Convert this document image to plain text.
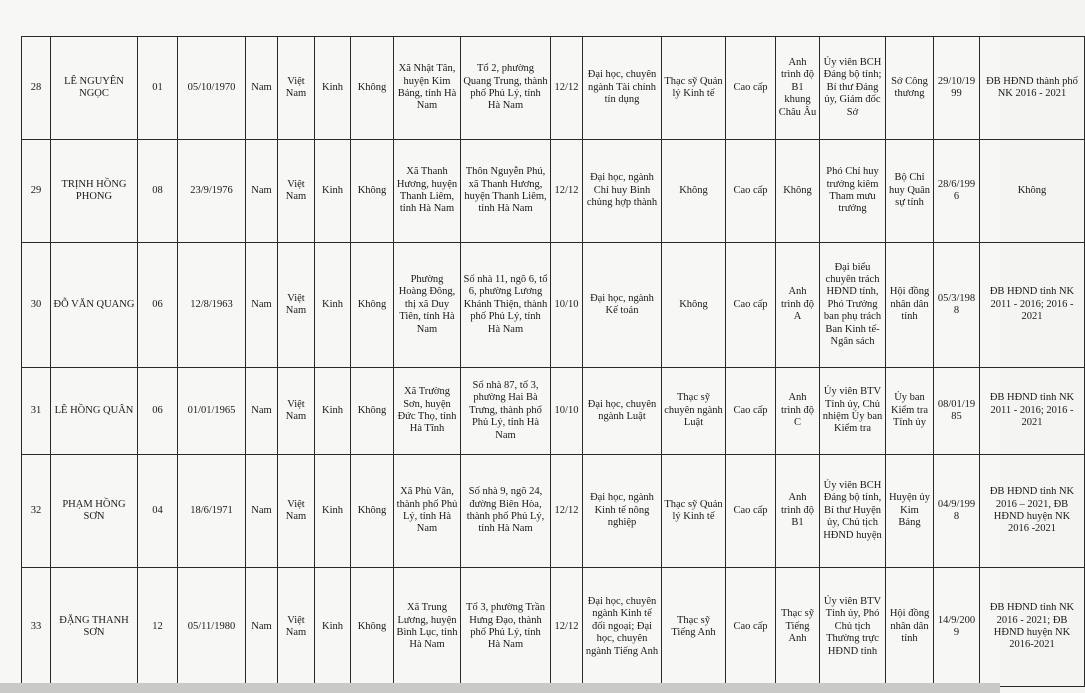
28	LÊ NGUYÊN NGỌC	01	05/10/1970	Nam	Việt Nam	Kinh	Không	Xã Nhật Tân, huyện Kim Bảng, tỉnh Hà Nam	Tổ 2, phường Quang Trung, thành phố Phủ Lý, tỉnh Hà Nam	12/12	Đại học, chuyên ngành Tài chính tín dụng	Thạc sỹ Quản lý Kinh tế	Cao cấp	Anh trình độ B1 khung Châu Âu	Ủy viên BCH Đảng bộ tỉnh; Bí thư Đảng ủy, Giám đốc Sở	Sở Công thương	29/10/1999	ĐB HĐND thành phố NK 2016 - 2021
29	TRỊNH HỒNG PHONG	08	23/9/1976	Nam	Việt Nam	Kinh	Không	Xã Thanh Hương, huyện Thanh Liêm, tỉnh Hà Nam	Thôn Nguyễn Phú, xã Thanh Hương, huyện Thanh Liêm, tỉnh Hà Nam	12/12	Đại học, ngành Chỉ huy Binh chủng hợp thành	Không	Cao cấp	Không	Phó Chỉ huy trưởng kiêm Tham mưu trưởng	Bộ Chỉ huy Quân sự tỉnh	28/6/1996	Không
30	ĐỖ VĂN QUANG	06	12/8/1963	Nam	Việt Nam	Kinh	Không	Phường Hoàng Đông, thị xã Duy Tiên, tỉnh Hà Nam	Số nhà 11, ngõ 6, tổ 6, phường Lương Khánh Thiện, thành phố Phủ Lý, tỉnh Hà Nam	10/10	Đại học, ngành Kế toán	Không	Cao cấp	Anh trình độ A	Đại biểu chuyên trách HĐND tỉnh, Phó Trưởng ban phụ trách Ban Kinh tế-Ngân sách	Hội đồng nhân dân tỉnh	05/3/1988	ĐB HĐND tỉnh NK 2011 - 2016; 2016 - 2021
31	LÊ HỒNG QUÂN	06	01/01/1965	Nam	Việt Nam	Kinh	Không	Xã Trường Sơn, huyện Đức Thọ, tỉnh Hà Tĩnh	Số nhà 87, tổ 3, phường Hai Bà Trưng, thành phố Phủ Lý, tỉnh Hà Nam	10/10	Đại học, chuyên ngành Luật	Thạc sỹ chuyên ngành Luật	Cao cấp	Anh trình độ C	Ủy viên BTV Tỉnh ủy, Chủ nhiệm Ủy ban Kiểm tra	Ủy ban Kiểm tra Tỉnh ủy	08/01/1985	ĐB HĐND tỉnh NK 2011 - 2016; 2016 - 2021
32	PHẠM HỒNG SƠN	04	18/6/1971	Nam	Việt Nam	Kinh	Không	Xã Phù Vân, thành phố Phủ Lý, tỉnh Hà Nam	Số nhà 9, ngõ 24, đường Biên Hòa, thành phố Phủ Lý, tỉnh Hà Nam	12/12	Đại học, ngành Kinh tế nông nghiệp	Thạc sỹ Quản lý Kinh tế	Cao cấp	Anh trình độ B1	Ủy viên BCH Đảng bộ tỉnh, Bí thư Huyện ủy, Chủ tịch HĐND huyện	Huyện ủy Kim Bảng	04/9/1998	ĐB HĐND tỉnh NK 2016 – 2021, ĐB HĐND huyện NK 2016 -2021
33	ĐẶNG THANH SƠN	12	05/11/1980	Nam	Việt Nam	Kinh	Không	Xã Trung Lương, huyện Bình Lục, tỉnh Hà Nam	Tổ 3, phường Trần Hưng Đạo, thành phố Phủ Lý, tỉnh Hà Nam	12/12	Đại học, chuyên ngành Kinh tế đối ngoại; Đại học, chuyên ngành Tiếng Anh	Thạc sỹ Tiếng Anh	Cao cấp	Thạc sỹ Tiếng Anh	Ủy viên BTV Tỉnh ủy, Phó Chủ tịch Thường trực HĐND tỉnh	Hội đồng nhân dân tỉnh	14/9/2009	ĐB HĐND tỉnh NK 2016 - 2021; ĐB HĐND huyện NK 2016-2021
